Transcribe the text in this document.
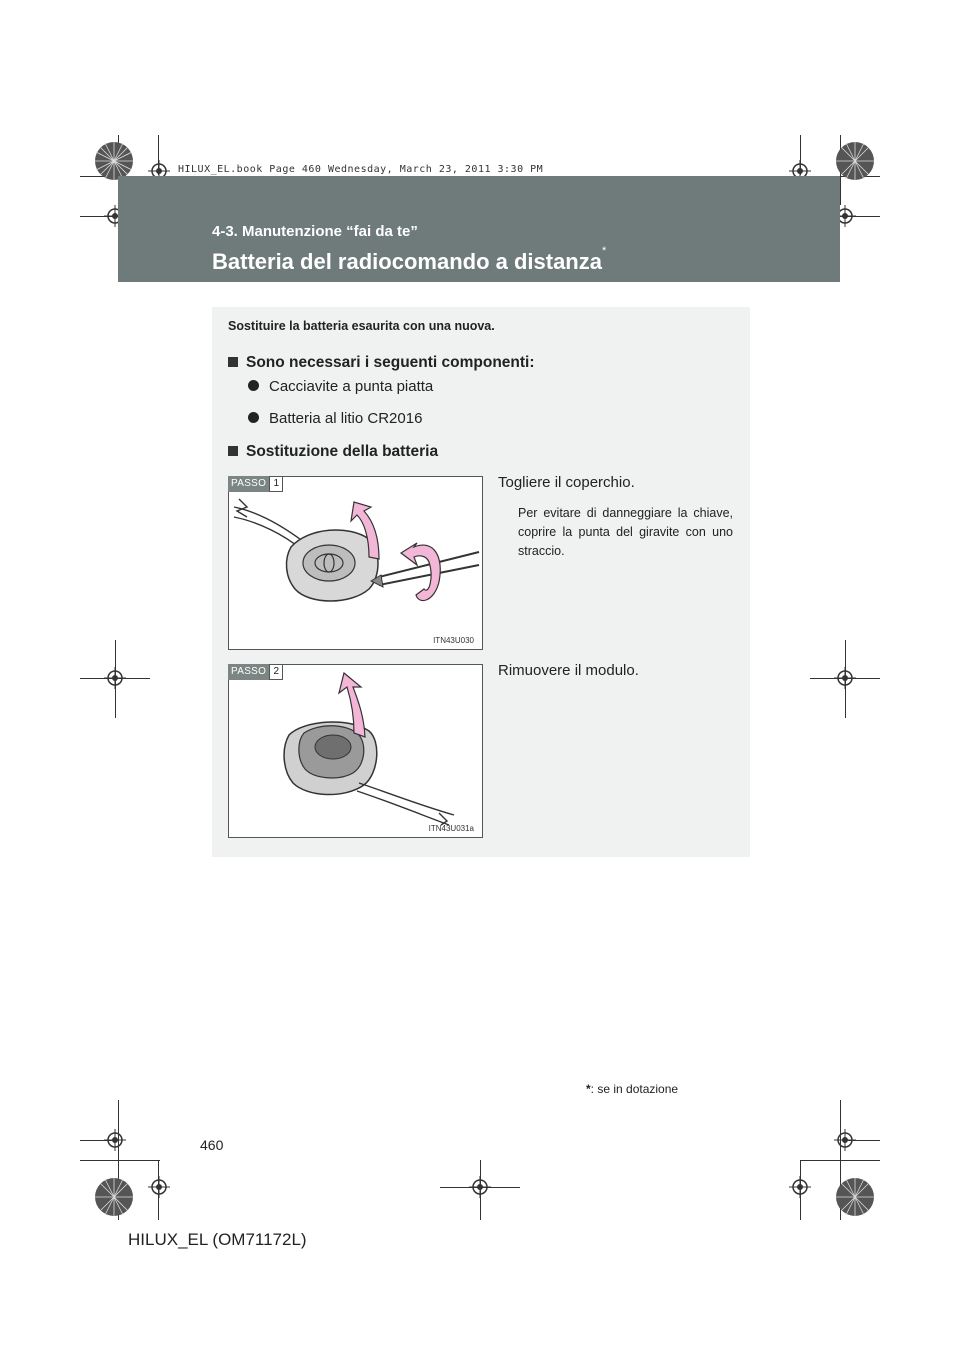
HILUX_EL.book Page 460 Wednesday, March 23, 2011 3:30 PM
4-3. Manutenzione “fai da te”
Batteria del radiocomando a distanza*
Sostituire la batteria esaurita con una nuova.
Sono necessari i seguenti componenti:
Cacciavite a punta piatta
Batteria al litio CR2016
Sostituzione della batteria
PASSO 1
ITN43U030
Togliere il coperchio.
Per evitare di danneggiare la chiave, coprire la punta del giravite con uno straccio.
PASSO 2
ITN43U031a
Rimuovere il modulo.
*: se in dotazione
460
HILUX_EL (OM71172L)
